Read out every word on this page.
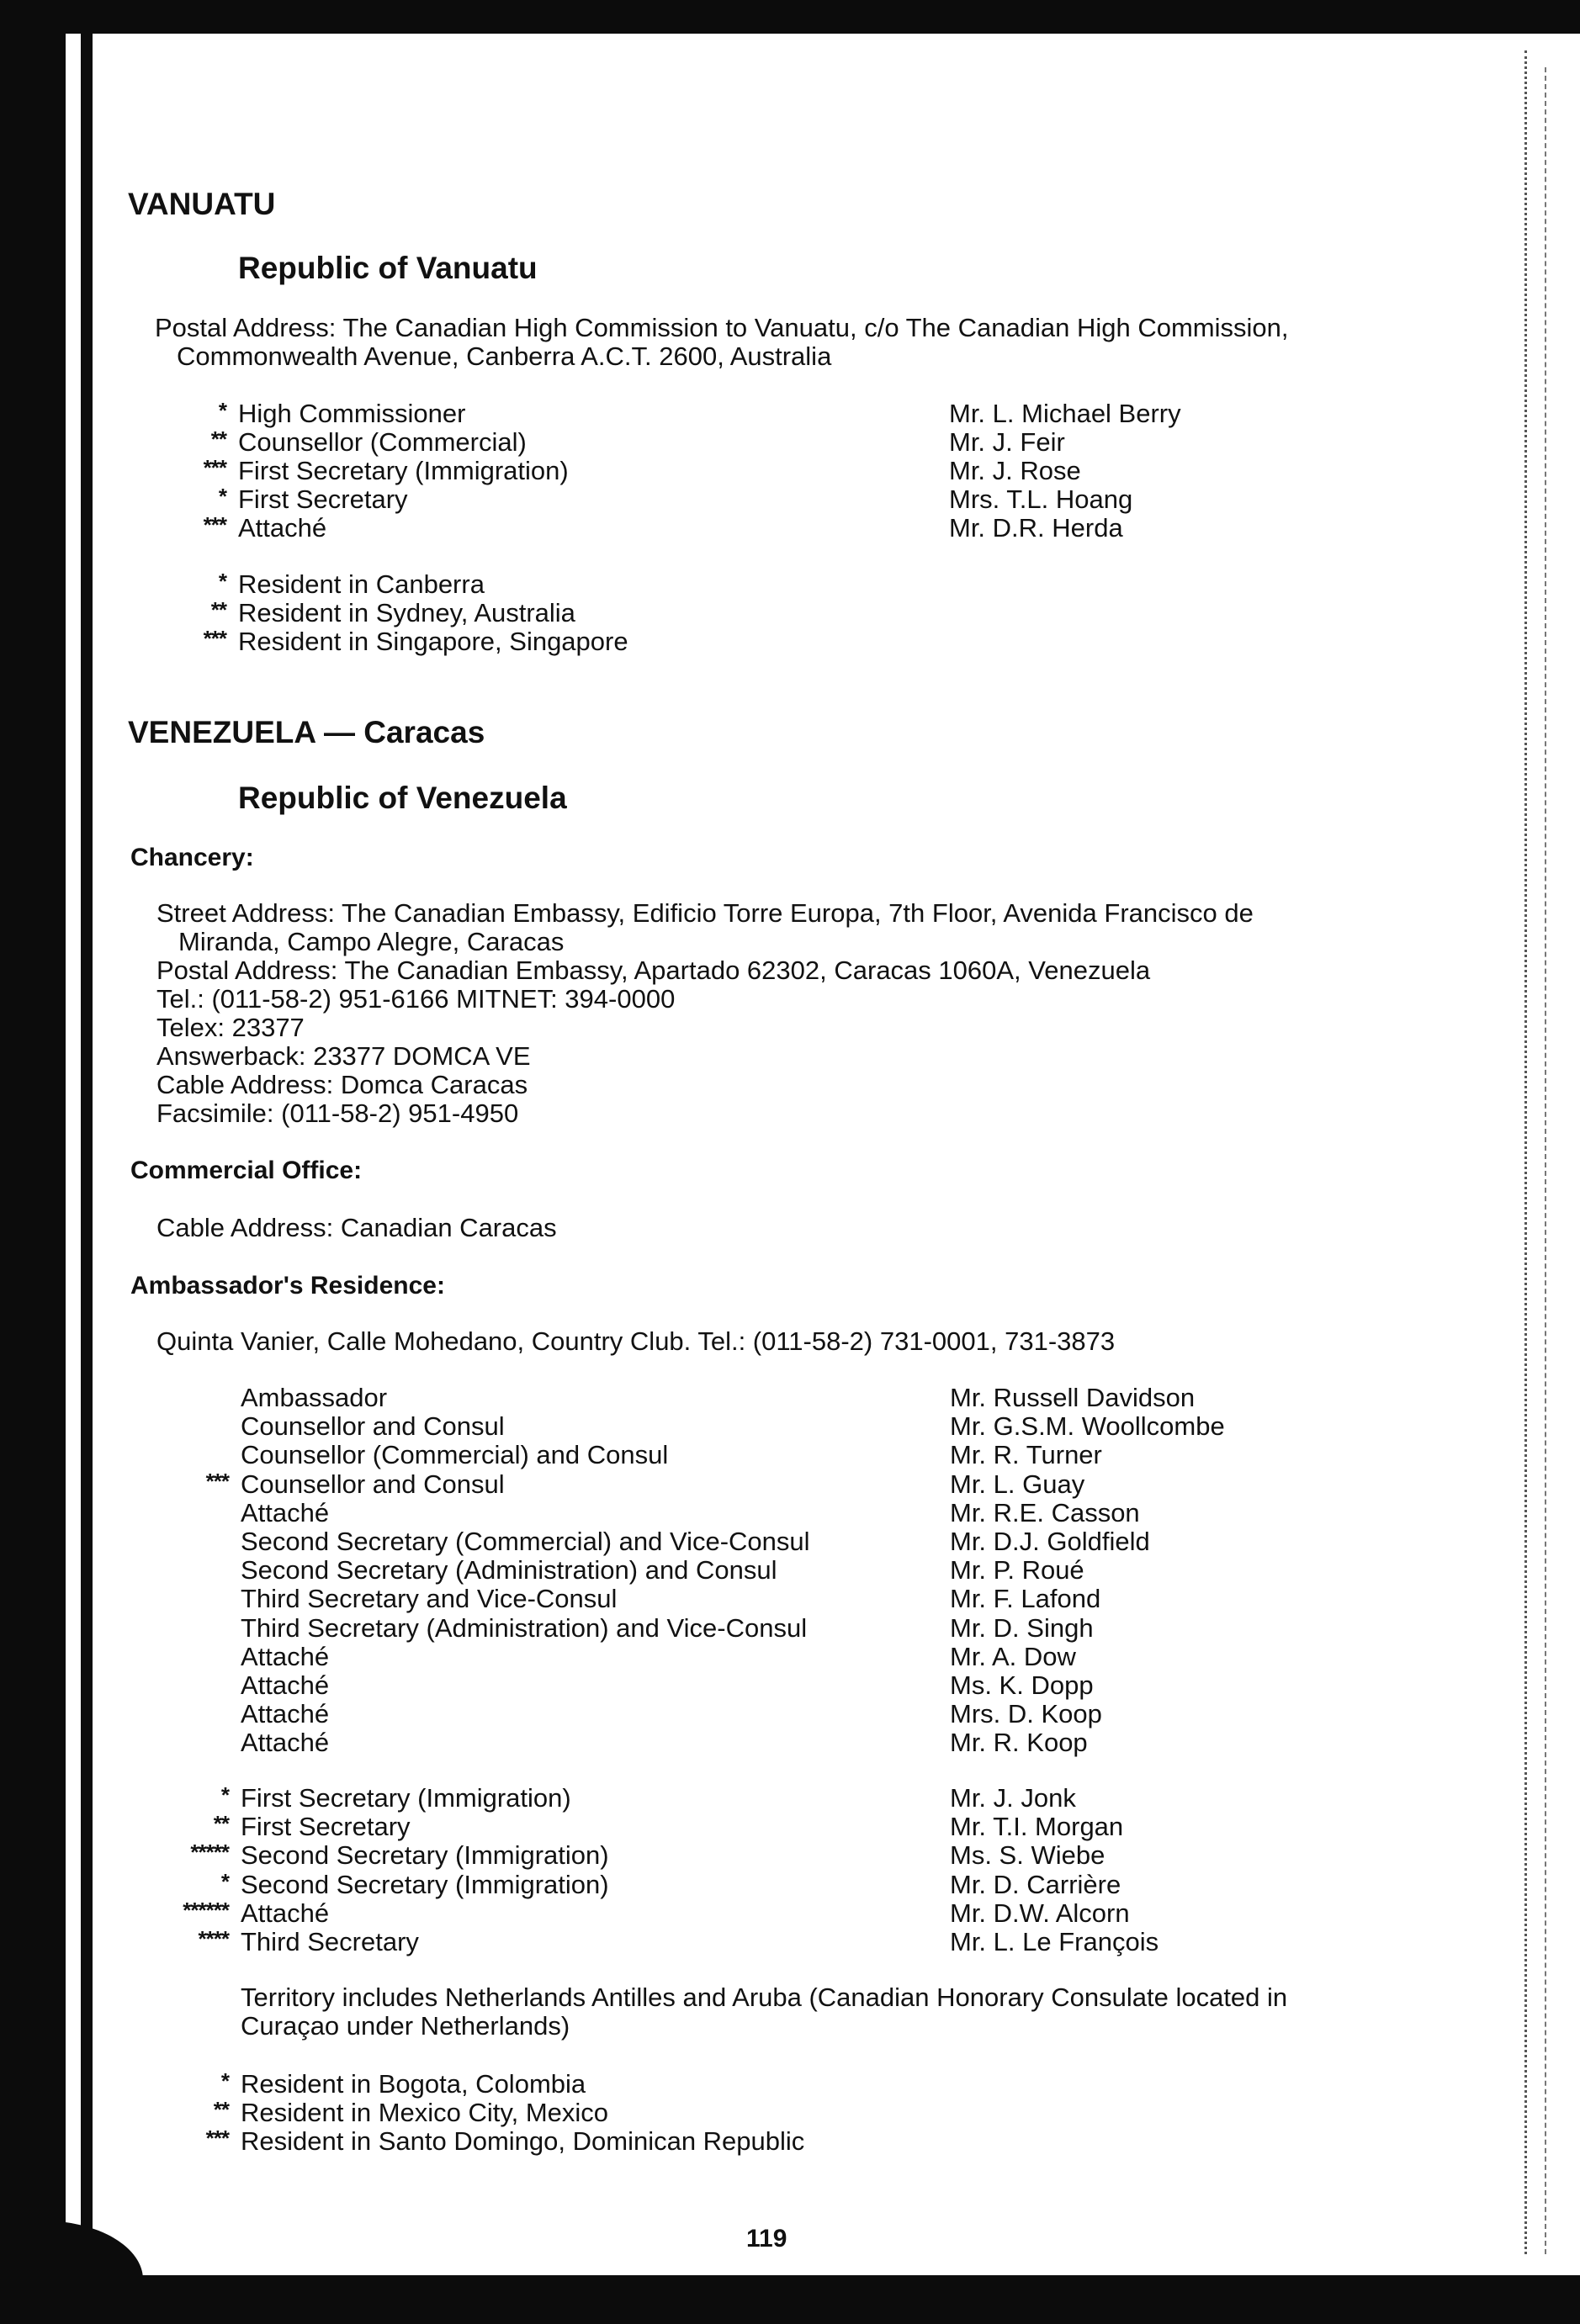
VANUATU
Republic of Vanuatu
Postal Address: The Canadian High Commission to Vanuatu, c/o The Canadian High Commission,
Commonwealth Avenue, Canberra A.C.T. 2600, Australia
* High Commissioner	Mr. L. Michael Berry
** Counsellor (Commercial)	Mr. J. Feir
*** First Secretary (Immigration)	Mr. J. Rose
* First Secretary	Mrs. T.L. Hoang
*** Attaché	Mr. D.R. Herda
* Resident in Canberra
** Resident in Sydney, Australia
*** Resident in Singapore, Singapore
VENEZUELA — Caracas
Republic of Venezuela
Chancery:
Street Address: The Canadian Embassy, Edificio Torre Europa, 7th Floor, Avenida Francisco de
Miranda, Campo Alegre, Caracas
Postal Address: The Canadian Embassy, Apartado 62302, Caracas 1060A, Venezuela
Tel.: (011-58-2) 951-6166 MITNET: 394-0000
Telex: 23377
Answerback: 23377 DOMCA VE
Cable Address: Domca Caracas
Facsimile: (011-58-2) 951-4950
Commercial Office:
Cable Address: Canadian Caracas
Ambassador's Residence:
Quinta Vanier, Calle Mohedano, Country Club. Tel.: (011-58-2) 731-0001, 731-3873
Ambassador	Mr. Russell Davidson
Counsellor and Consul	Mr. G.S.M. Woollcombe
Counsellor (Commercial) and Consul	Mr. R. Turner
*** Counsellor and Consul	Mr. L. Guay
Attaché	Mr. R.E. Casson
Second Secretary (Commercial) and Vice-Consul	Mr. D.J. Goldfield
Second Secretary (Administration) and Consul	Mr. P. Roué
Third Secretary and Vice-Consul	Mr. F. Lafond
Third Secretary (Administration) and Vice-Consul	Mr. D. Singh
Attaché	Mr. A. Dow
Attaché	Ms. K. Dopp
Attaché	Mrs. D. Koop
Attaché	Mr. R. Koop
* First Secretary (Immigration)	Mr. J. Jonk
** First Secretary	Mr. T.I. Morgan
***** Second Secretary (Immigration)	Ms. S. Wiebe
* Second Secretary (Immigration)	Mr. D. Carrière
****** Attaché	Mr. D.W. Alcorn
**** Third Secretary	Mr. L. Le François
Territory includes Netherlands Antilles and Aruba (Canadian Honorary Consulate located in
Curaçao under Netherlands)
* Resident in Bogota, Colombia
** Resident in Mexico City, Mexico
*** Resident in Santo Domingo, Dominican Republic
119
